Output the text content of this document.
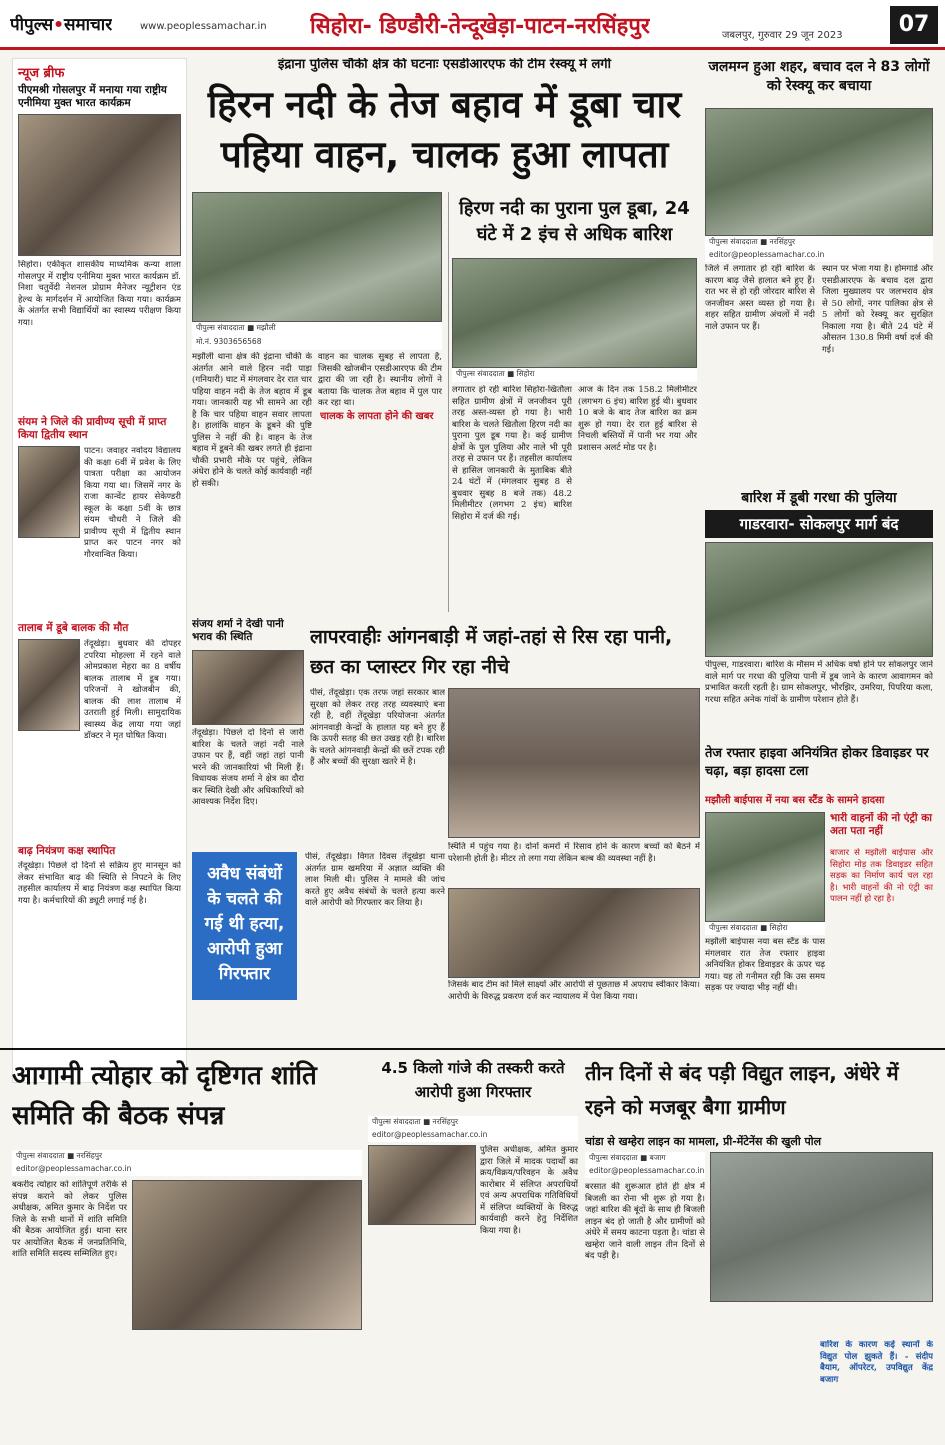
पीपुल्स•समाचार	www.peoplessamachar.in सिहोरा- डिण्डौरी-तेन्दूखेड़ा-पाटन-नरसिंहपुर	जबलपुर, गुरुवार 29 जून 2023	07
न्यूज ब्रीफ
पीएमश्री गोसलपुर में मनाया गया राष्ट्रीय एनीमिया मुक्त भारत कार्यक्रम
सिहोरा। एकीकृत शासकीय माध्यमिक कन्या शाला गोसलपुर में राष्ट्रीय एनीमिया मुक्त भारत कार्यक्रम डॉ. निशा चतुर्वेदी नेशनल प्रोग्राम मैनेजर न्यूट्रीशन एंड हेल्थ के मार्गदर्शन में आयोजित किया गया। कार्यक्रम के अंतर्गत सभी विद्यार्थियों का स्वास्थ्य परीक्षण किया गया।
संयम ने जिले की प्रावीण्य सूची में प्राप्त किया द्वितीय स्थान
पाटन। जवाहर नवोदय विद्यालय की कक्षा 6वीं में प्रवेश के लिए पात्रता परीक्षा का आयोजन किया गया था। जिसमें नगर के राजा कान्वेंट हायर सेकेण्डरी स्कूल के कक्षा 5वीं के छात्र संयम चौधरी ने जिले की प्रावीण्य सूची में द्वितीय स्थान प्राप्त कर पाटन नगर को गौरवान्वित किया।
तालाब में डूबे बालक की मौत
तेंदूखेड़ा। बुधवार की दोपहर टपरिया मोहल्ला में रहने वाले ओमप्रकाश मेहरा का 8 वर्षीय बालक तालाब में डूब गया। परिजनों ने खोजबीन की, बालक की लाश तालाब में उतराती हुई मिली। सामुदायिक स्वास्थ्य केंद्र लाया गया जहां डॉक्टर ने मृत घोषित किया।
बाढ़ नियंत्रण कक्ष स्थापित
तेंदूखेड़ा। पिछले दो दिनों से सक्रिय हुए मानसून को लेकर संभावित बाढ़ की स्थिति से निपटने के लिए तहसील कार्यालय में बाढ़ नियंत्रण कक्ष स्थापित किया गया है। कर्मचारियों की ड्यूटी लगाई गई है।
इंद्राना पुलिस चौकी क्षेत्र की घटनाः एसडीआरएफ की टीम रेस्क्यू में लगी
हिरन नदी के तेज बहाव में डूबा चार पहिया वाहन, चालक हुआ लापता
पीपुल्स संवाददाता ■ मझौली
मो.नं. 9303656568
मझौली थाना क्षेत्र की इंद्राना चौकी के अंतर्गत आने वाले हिरन नदी पाड़ा (गनियारी) घाट में मंगलवार देर रात चार पहिया वाहन नदी के तेज बहाव में डूब गया। जानकारी यह भी सामने आ रही है कि चार पहिया वाहन सवार लापता है। हालांकि वाहन के डूबने की पुष्टि पुलिस ने नहीं की है। वाहन के तेज बहाव में डूबने की खबर लगते ही इंद्राना चौकी प्रभारी मौके पर पहुंचे, लेकिन अंधेरा होने के चलते कोई कार्यवाही नहीं हो सकी।
वाहन का चालक सुबह से लापता है, जिसकी खोजबीन एसडीआरएफ की टीम द्वारा की जा रही है। स्थानीय लोगों ने बताया कि चालक तेज बहाव में पुल पार कर रहा था।
चालक के लापता होने की खबर
हिरण नदी का पुराना पुल डूबा, 24 घंटे में 2 इंच से अधिक बारिश
पीपुल्स संवाददाता ■ सिहोरा
लगातार हो रही बारिश सिहोरा-खितौला सहित ग्रामीण क्षेत्रों में जनजीवन पूरी तरह अस्त-व्यस्त हो गया है। भारी बारिश के चलते खितौला हिरण नदी का पुराना पुल डूब गया है। कई ग्रामीण क्षेत्रों के पुल पुलिया और नाले भी पूरी तरह से उफान पर हैं। तहसील कार्यालय से हासिल जानकारी के मुताबिक बीते 24 घंटों में (मंगलवार सुबह 8 से बुधवार सुबह 8 बजे तक) 48.2 मिलीमीटर (लगभग 2 इंच) बारिश सिहोरा में दर्ज की गई।
आज के दिन तक 158.2 मिलीमीटर (लगभग 6 इंच) बारिश हुई थी। बुधवार 10 बजे के बाद तेज बारिश का क्रम शुरू हो गया। देर रात हुई बारिश से निचली बस्तियों में पानी भर गया और प्रशासन अलर्ट मोड पर है।
जलमग्न हुआ शहर, बचाव दल ने 83 लोगों को रेस्क्यू कर बचाया
पीपुल्स संवाददाता ■ नरसिंहपुर
editor@peoplessamachar.co.in
जिले में लगातार हो रही बारिश के कारण बाढ़ जैसे हालात बने हुए हैं। रात भर से हो रही जोरदार बारिश से जनजीवन अस्त व्यस्त हो गया है। शहर सहित ग्रामीण अंचलों में नदी नाले उफान पर हैं।
स्थान पर भेजा गया है। होमगार्ड और एसडीआरएफ के बचाव दल द्वारा जिला मुख्यालय पर जलभराव क्षेत्र से 50 लोगों, नगर पालिका क्षेत्र से 5 लोगों को रेस्क्यू कर सुरक्षित निकाला गया है। बीते 24 घंटे में औसतन 130.8 मिमी वर्षा दर्ज की गई।
बारिश में डूबी गरधा की पुलिया
गाडरवारा- सोकलपुर मार्ग बंद
पीपुल्स, गाडरवारा। बारिश के मौसम में अधिक वर्षा होने पर सोकलपुर जाने वाले मार्ग पर गरधा की पुलिया पानी में डूब जाने के कारण आवागमन को प्रभावित करती रहती है। ग्राम सोकलपुर, भौरझिर, उमरिया, पिपरिया कला, गरधा सहित अनेक गांवों के ग्रामीण परेशान होते हैं।
लापरवाहीः आंगनबाड़ी में जहां-तहां से रिस रहा पानी, छत का प्लास्टर गिर रहा नीचे
पीसं, तेंदूखेड़ा। एक तरफ जहां सरकार बाल सुरक्षा को लेकर तरह तरह व्यवस्थाएं बना रही है, वहीं तेंदूखेड़ा परियोजना अंतर्गत आंगनवाड़ी केन्द्रों के हालात यह बने हुए हैं कि ऊपरी सतह की छत उखड़ रही है। बारिश के चलते आंगनवाड़ी केन्द्रों की छतें टपक रही हैं और बच्चों की सुरक्षा खतरे में है।
स्थिति में पहुंच गया है। दोनों कमरों में रिसाव होने के कारण बच्चों को बैठने में परेशानी होती है। मीटर तो लगा गया लेकिन बल्ब की व्यवस्था नहीं है।
संजय शर्मा ने देखी पानी भराव की स्थिति
तेंदूखेड़ा। पिछले दो दिनों से जारी बारिश के चलते जहां नदी नाले उफान पर हैं, वहीं जहां तहां पानी भरने की जानकारियां भी मिली हैं। विधायक संजय शर्मा ने क्षेत्र का दौरा कर स्थिति देखी और अधिकारियों को आवश्यक निर्देश दिए।
अवैध संबंधों के चलते की गई थी हत्या, आरोपी हुआ गिरफ्तार
पीसं, तेंदूखेड़ा। विगत दिवस तेंदूखेड़ा थाना अंतर्गत ग्राम खमरिया में अज्ञात व्यक्ति की लाश मिली थी। पुलिस ने मामले की जांच करते हुए अवैध संबंधों के चलते हत्या करने वाले आरोपी को गिरफ्तार कर लिया है।
जिसके बाद टीम को मिले साक्ष्यों और आरोपी से पूछताछ में अपराध स्वीकार किया। आरोपी के विरुद्ध प्रकरण दर्ज कर न्यायालय में पेश किया गया।
तेज रफ्तार हाइवा अनियंत्रित होकर डिवाइडर पर चढ़ा, बड़ा हादसा टला
मझौली बाईपास में नया बस स्टैंड के सामने हादसा
पीपुल्स संवाददाता ■ सिहोरा
मझौली बाईपास नया बस स्टैंड के पास मंगलवार रात तेज रफ्तार हाइवा अनियंत्रित होकर डिवाइडर के ऊपर चढ़ गया। यह तो गनीमत रही कि उस समय सड़क पर ज्यादा भीड़ नहीं थी।
भारी वाहनों की नो एंट्री का अता पता नहीं
बाजार से मझौली बाईपास और सिहोरा मोड़ तक डिवाइडर सहित सड़क का निर्माण कार्य चल रहा है। भारी वाहनों की नो एंट्री का पालन नहीं हो रहा है।
आगामी त्योहार को दृष्टिगत शांति समिति की बैठक संपन्न
पीपुल्स संवाददाता ■ नरसिंहपुर
editor@peoplessamachar.co.in
बकरीद त्योहार को शांतिपूर्ण तरीके से संपन्न कराने को लेकर पुलिस अधीक्षक, अमित कुमार के निर्देश पर जिले के सभी थानों में शांति समिति की बैठक आयोजित हुई। थाना स्तर पर आयोजित बैठक में जनप्रतिनिधि, शांति समिति सदस्य सम्मिलित हुए।
4.5 किलो गांजे की तस्करी करते आरोपी हुआ गिरफ्तार
पीपुल्स संवाददाता ■ नरसिंहपुर
editor@peoplessamachar.co.in
पुलिस अधीक्षक, अमित कुमार द्वारा जिले में मादक पदार्थों का क्रय/विक्रय/परिवहन के अवैध कारोबार में संलिप्त अपराधियों एवं अन्य अपराधिक गतिविधियों में संलिप्त व्यक्तियों के विरुद्ध कार्यवाही करने हेतु निर्देशित किया गया है।
तीन दिनों से बंद पड़ी विद्युत लाइन, अंधेरे में रहने को मजबूर बैगा ग्रामीण
चांडा से खम्हेरा लाइन का मामला, प्री-मेंटेनेंस की खुली पोल
पीपुल्स संवाददाता ■ बजाग
editor@peoplessamachar.co.in
बरसात की शुरूआत होते ही क्षेत्र में बिजली का रोना भी शुरू हो गया है। जहां बारिश की बूंदों के साथ ही बिजली लाइन बंद हो जाती है और ग्रामीणों को अंधेरे में समय काटना पड़ता है। चांडा से खम्हेरा जाने वाली लाइन तीन दिनों से बंद पड़ी है।
बारिश के कारण कई स्थानों के विद्युत पोल झुकते हैं। - संदीप बैयाम, ऑपरेटर, उपविद्युत केंद्र बजाग
